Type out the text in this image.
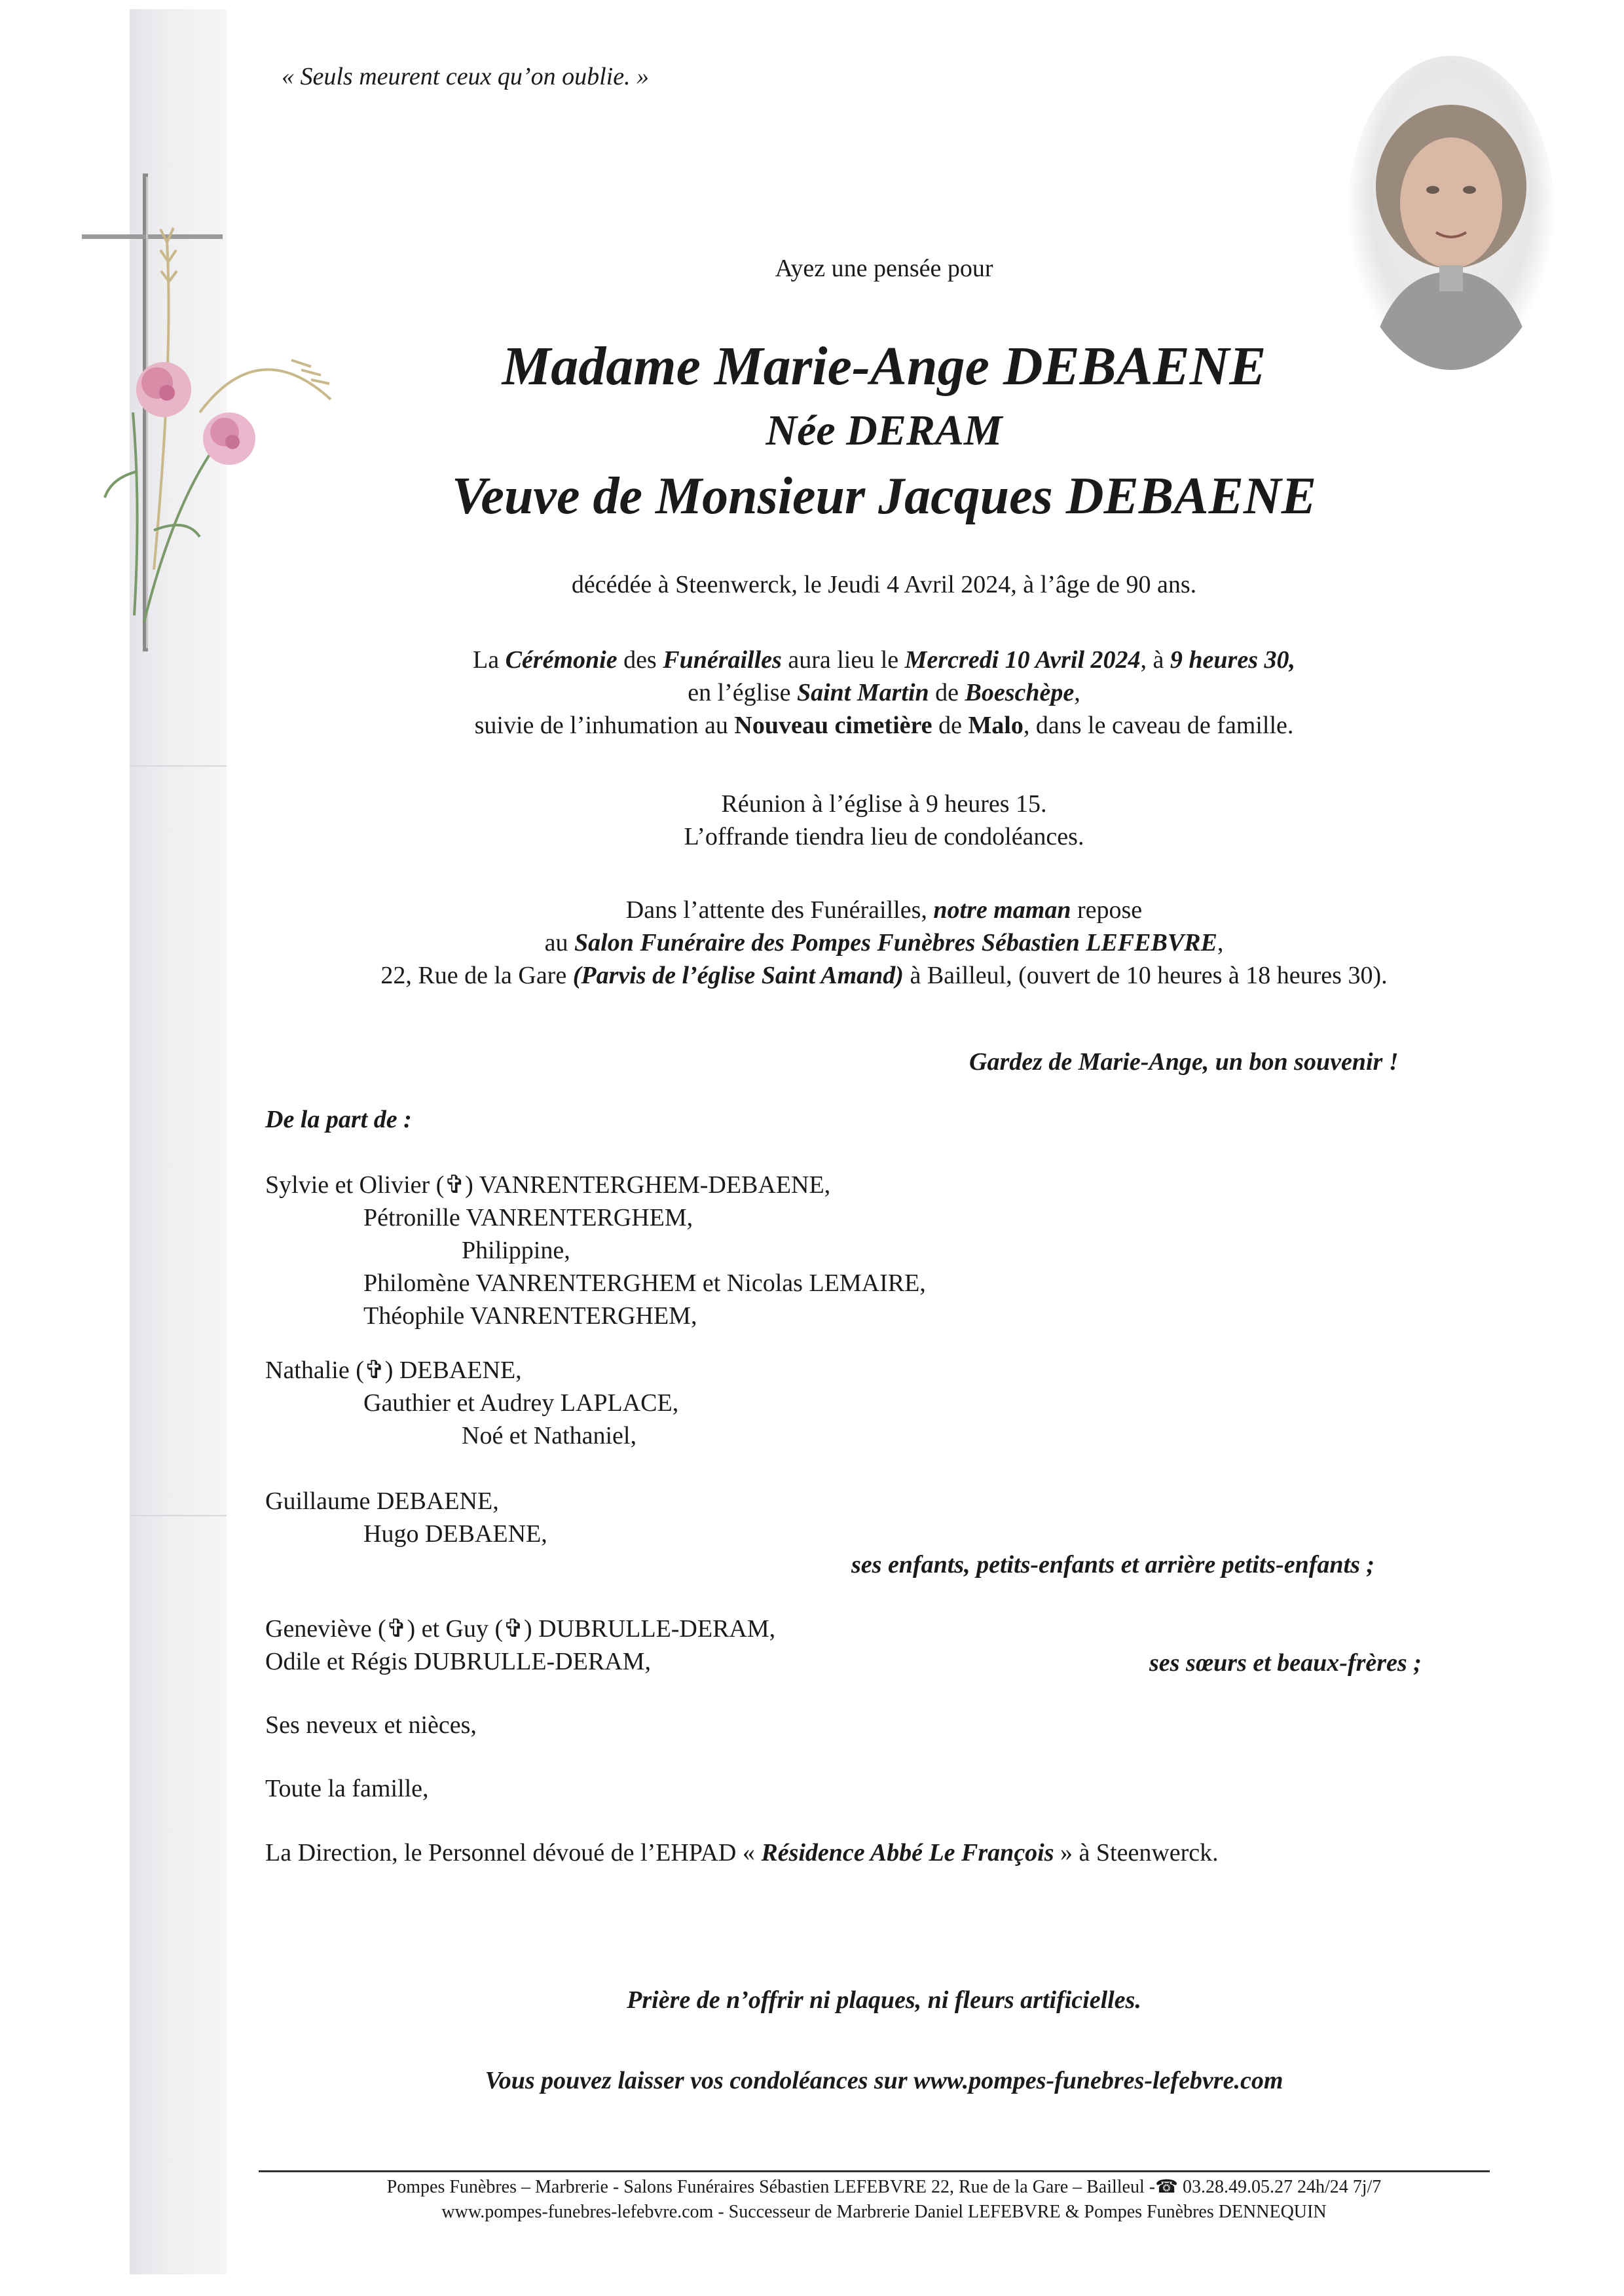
« Seuls meurent ceux qu’on oublie. »
Ayez une pensée pour
Madame Marie-Ange DEBAENE
Née DERAM
Veuve de Monsieur Jacques DEBAENE
décédée à Steenwerck, le Jeudi 4 Avril 2024, à l’âge de 90 ans.
La Cérémonie des Funérailles aura lieu le Mercredi 10 Avril 2024, à 9 heures 30,
en l’église Saint Martin de Boeschèpe,
suivie de l’inhumation au Nouveau cimetière de Malo, dans le caveau de famille.
Réunion à l’église à 9 heures 15.
L’offrande tiendra lieu de condoléances.
Dans l’attente des Funérailles, notre maman repose
au Salon Funéraire des Pompes Funèbres Sébastien LEFEBVRE,
22, Rue de la Gare (Parvis de l’église Saint Amand) à Bailleul, (ouvert de 10 heures à 18 heures 30).
Gardez de Marie-Ange, un bon souvenir !
De la part de :
Sylvie et Olivier (✞) VANRENTERGHEM-DEBAENE,
Pétronille VANRENTERGHEM,
Philippine,
Philomène VANRENTERGHEM et Nicolas LEMAIRE,
Théophile VANRENTERGHEM,
Nathalie (✞) DEBAENE,
Gauthier et Audrey LAPLACE,
Noé et Nathaniel,
Guillaume DEBAENE,
Hugo DEBAENE,
ses enfants, petits-enfants et arrière petits-enfants ;
Geneviève (✞) et Guy (✞) DUBRULLE-DERAM,
Odile et Régis DUBRULLE-DERAM,	ses sœurs et beaux-frères ;
Ses neveux et nièces,
Toute la famille,
La Direction, le Personnel dévoué de l’EHPAD « Résidence Abbé Le François » à Steenwerck.
Prière de n’offrir ni plaques, ni fleurs artificielles.
Vous pouvez laisser vos condoléances sur www.pompes-funebres-lefebvre.com
Pompes Funèbres – Marbrerie - Salons Funéraires Sébastien LEFEBVRE 22, Rue de la Gare – Bailleul -☎ 03.28.49.05.27 24h/24 7j/7
www.pompes-funebres-lefebvre.com - Successeur de Marbrerie Daniel LEFEBVRE & Pompes Funèbres DENNEQUIN
